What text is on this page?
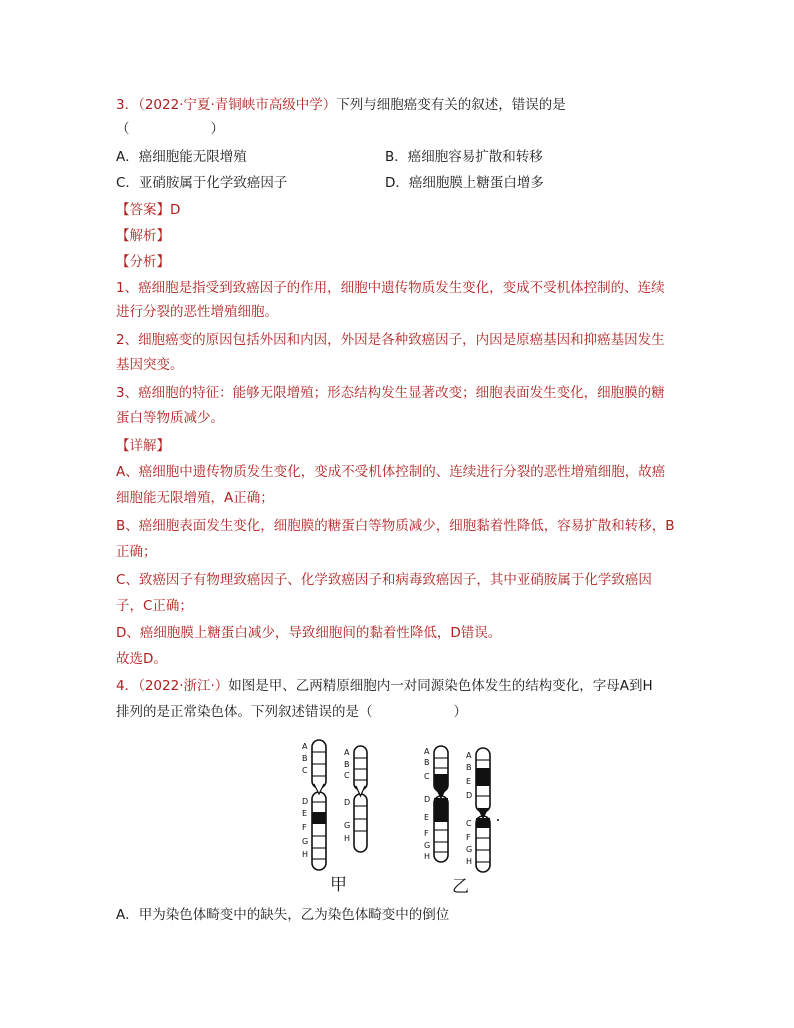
3．（2022·宁夏·青铜峡市高级中学）下列与细胞癌变有关的叙述，错误的是
（　　　　　　）
A．癌细胞能无限增殖	B．癌细胞容易扩散和转移
C．亚硝胺属于化学致癌因子	D．癌细胞膜上糖蛋白增多
【答案】D
【解析】
【分析】
1、癌细胞是指受到致癌因子的作用，细胞中遗传物质发生变化，变成不受机体控制的、连续
进行分裂的恶性增殖细胞。
2、细胞癌变的原因包括外因和内因，外因是各种致癌因子，内因是原癌基因和抑癌基因发生
基因突变。
3、癌细胞的特征：能够无限增殖；形态结构发生显著改变；细胞表面发生变化，细胞膜的糖
蛋白等物质减少。
【详解】
A、癌细胞中遗传物质发生变化，变成不受机体控制的、连续进行分裂的恶性增殖细胞，故癌
细胞能无限增殖，A正确；
B、癌细胞表面发生变化，细胞膜的糖蛋白等物质减少，细胞黏着性降低，容易扩散和转移，B
正确；
C、致癌因子有物理致癌因子、化学致癌因子和病毒致癌因子，其中亚硝胺属于化学致癌因
子，C正确；
D、癌细胞膜上糖蛋白减少，导致细胞间的黏着性降低，D错误。
故选D。
4．（2022·浙江·）如图是甲、乙两精原细胞内一对同源染色体发生的结构变化，字母A到H
排列的是正常染色体。下列叙述错误的是（　　　　　　）
A
B
C
D
E
F
G
H
A
B
C
D
G
H
A
B
C
D
E
F
G
H
A
B
E
D
C
F
G
H
甲	乙
A．甲为染色体畸变中的缺失，乙为染色体畸变中的倒位
